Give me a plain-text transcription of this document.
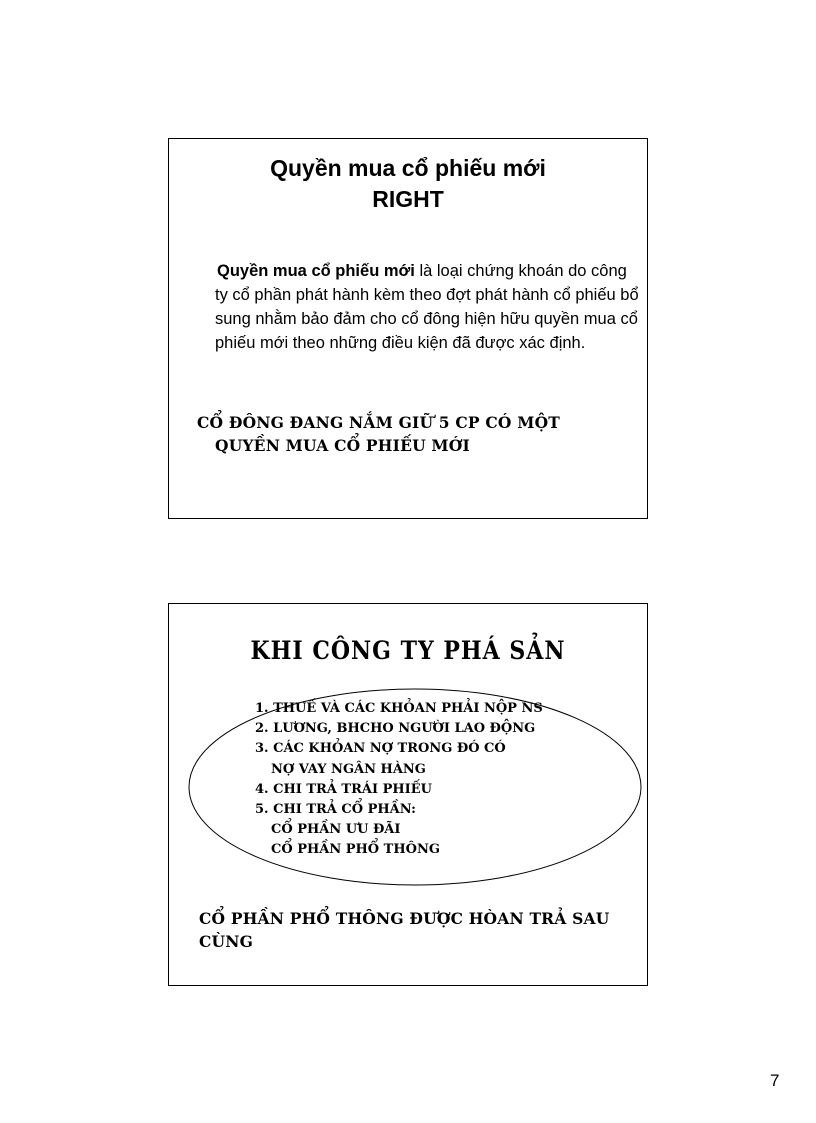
Quyền mua cổ phiếu mới
RIGHT
Quyền mua cổ phiếu mới là loại chứng khoán do công ty cổ phần phát hành kèm theo đợt phát hành cổ phiếu bổ sung nhằm bảo đảm cho cổ đông hiện hữu quyền mua cổ phiếu mới theo những điều kiện đã được xác định.
CỔ ĐÔNG ĐANG NẮM GIỮ 5 CP CÓ MỘT
QUYỀN MUA CỔ PHIẾU MỚI
KHI CÔNG TY PHÁ SẢN
1. THUẾ VÀ CÁC KHỎAN PHẢI NỘP NS
2. LƯƠNG, BHCHO NGƯỜI LAO ĐỘNG
3. CÁC KHỎAN NỢ TRONG ĐÓ CÓ
NỢ VAY NGÂN HÀNG
4. CHI TRẢ TRÁI PHIẾU
5. CHI TRẢ CỔ PHẦN:
CỔ PHẦN ƯU ĐÃI
CỔ PHẦN PHỔ THÔNG
CỔ PHẦN PHỔ THÔNG ĐƯỢC HÒAN TRẢ SAU CÙNG
7
